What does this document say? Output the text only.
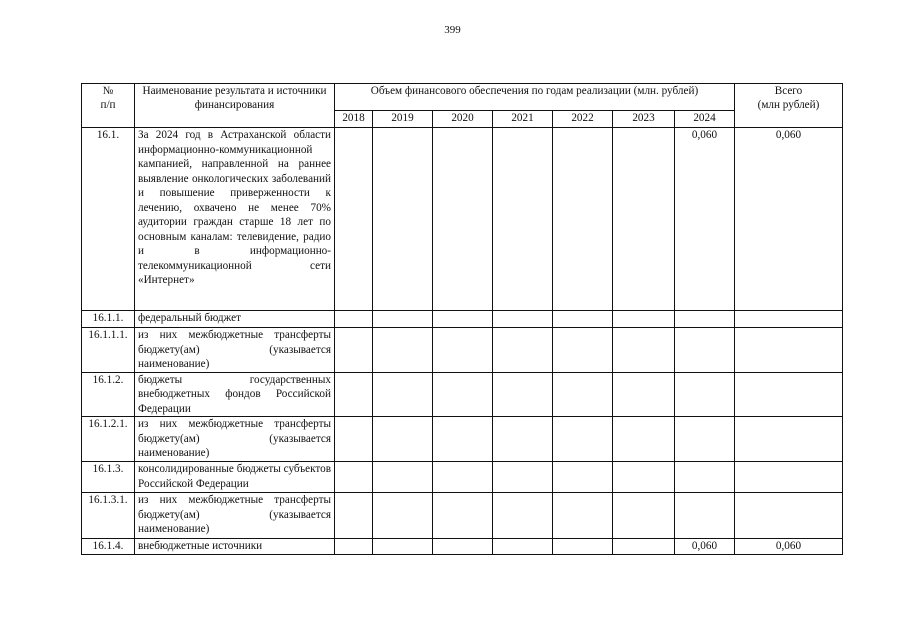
399
№
п/п	Наименование результата и источники финансирования	Объем финансового обеспечения по годам реализации (млн. рублей)							Всего
(млн рублей)
		2018	2019	2020	2021	2022	2023	2024	
16.1.	За 2024 год в Астраханской области информационно-коммуникационной кампанией, направленной на раннее выявление онкологических заболеваний и повышение приверженности к лечению, охвачено не менее 70% аудитории граждан старше 18 лет по основным каналам: телевидение, радио и в информационно-телекоммуникационной сети «Интернет»							0,060	0,060
16.1.1.	федеральный бюджет								
16.1.1.1.	из них межбюджетные трансферты бюджету(ам) (указывается наименование)								
16.1.2.	бюджеты государственных внебюджетных фондов Российской Федерации								
16.1.2.1.	из них межбюджетные трансферты бюджету(ам) (указывается наименование)								
16.1.3.	консолидированные бюджеты субъектов Российской Федерации								
16.1.3.1.	из них межбюджетные трансферты бюджету(ам) (указывается наименование)								
16.1.4.	внебюджетные источники							0,060	0,060
